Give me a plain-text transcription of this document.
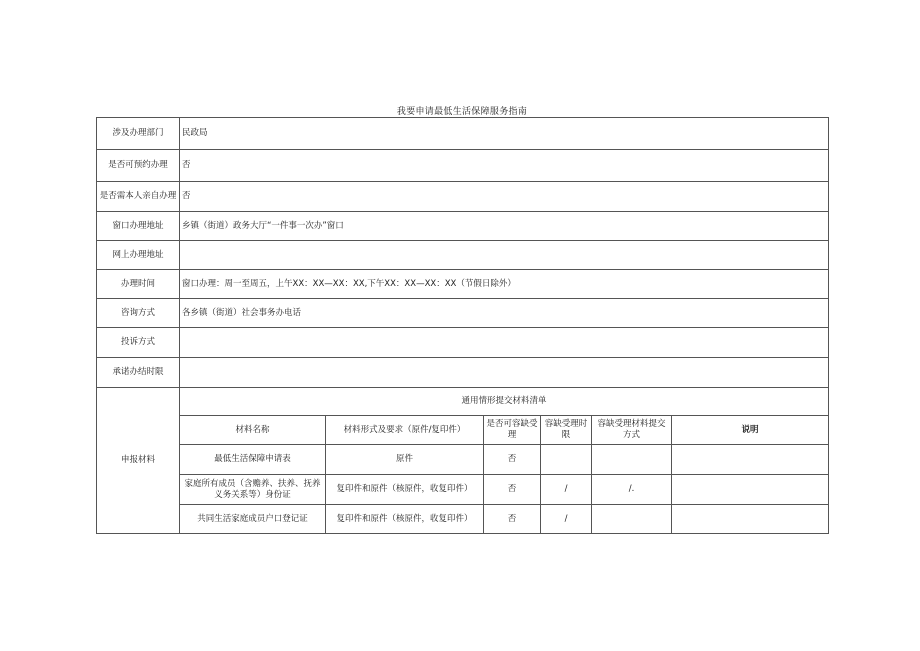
我要申请最低生活保障服务指南
涉及办理部门	民政局					
是否可预约办理	否					
是否需本人亲自办理	否					
窗口办理地址	乡镇（街道）政务大厅“一件事一次办”窗口					
网上办理地址						
办理时间	窗口办理：周一至周五，上午XX：XX—XX：XX,下午XX：XX—XX：XX（节假日除外）					
咨询方式	各乡镇（街道）社会事务办电话					
投诉方式						
承诺办结时限						
申报材料	通用情形提交材料清单					
	材料名称	材料形式及要求（原件/复印件）	是否可容缺受理	容缺受理时限	容缺受理材料提交方式	说明
	最低生活保障申请表	原件	否			
	家庭所有成员（含赡养、扶养、抚养义务关系等）身份证	复印件和原件（核原件，收复印件）	否	/	/.	
	共同生活家庭成员户口登记证	复印件和原件（核原件，收复印件）	否	/		
